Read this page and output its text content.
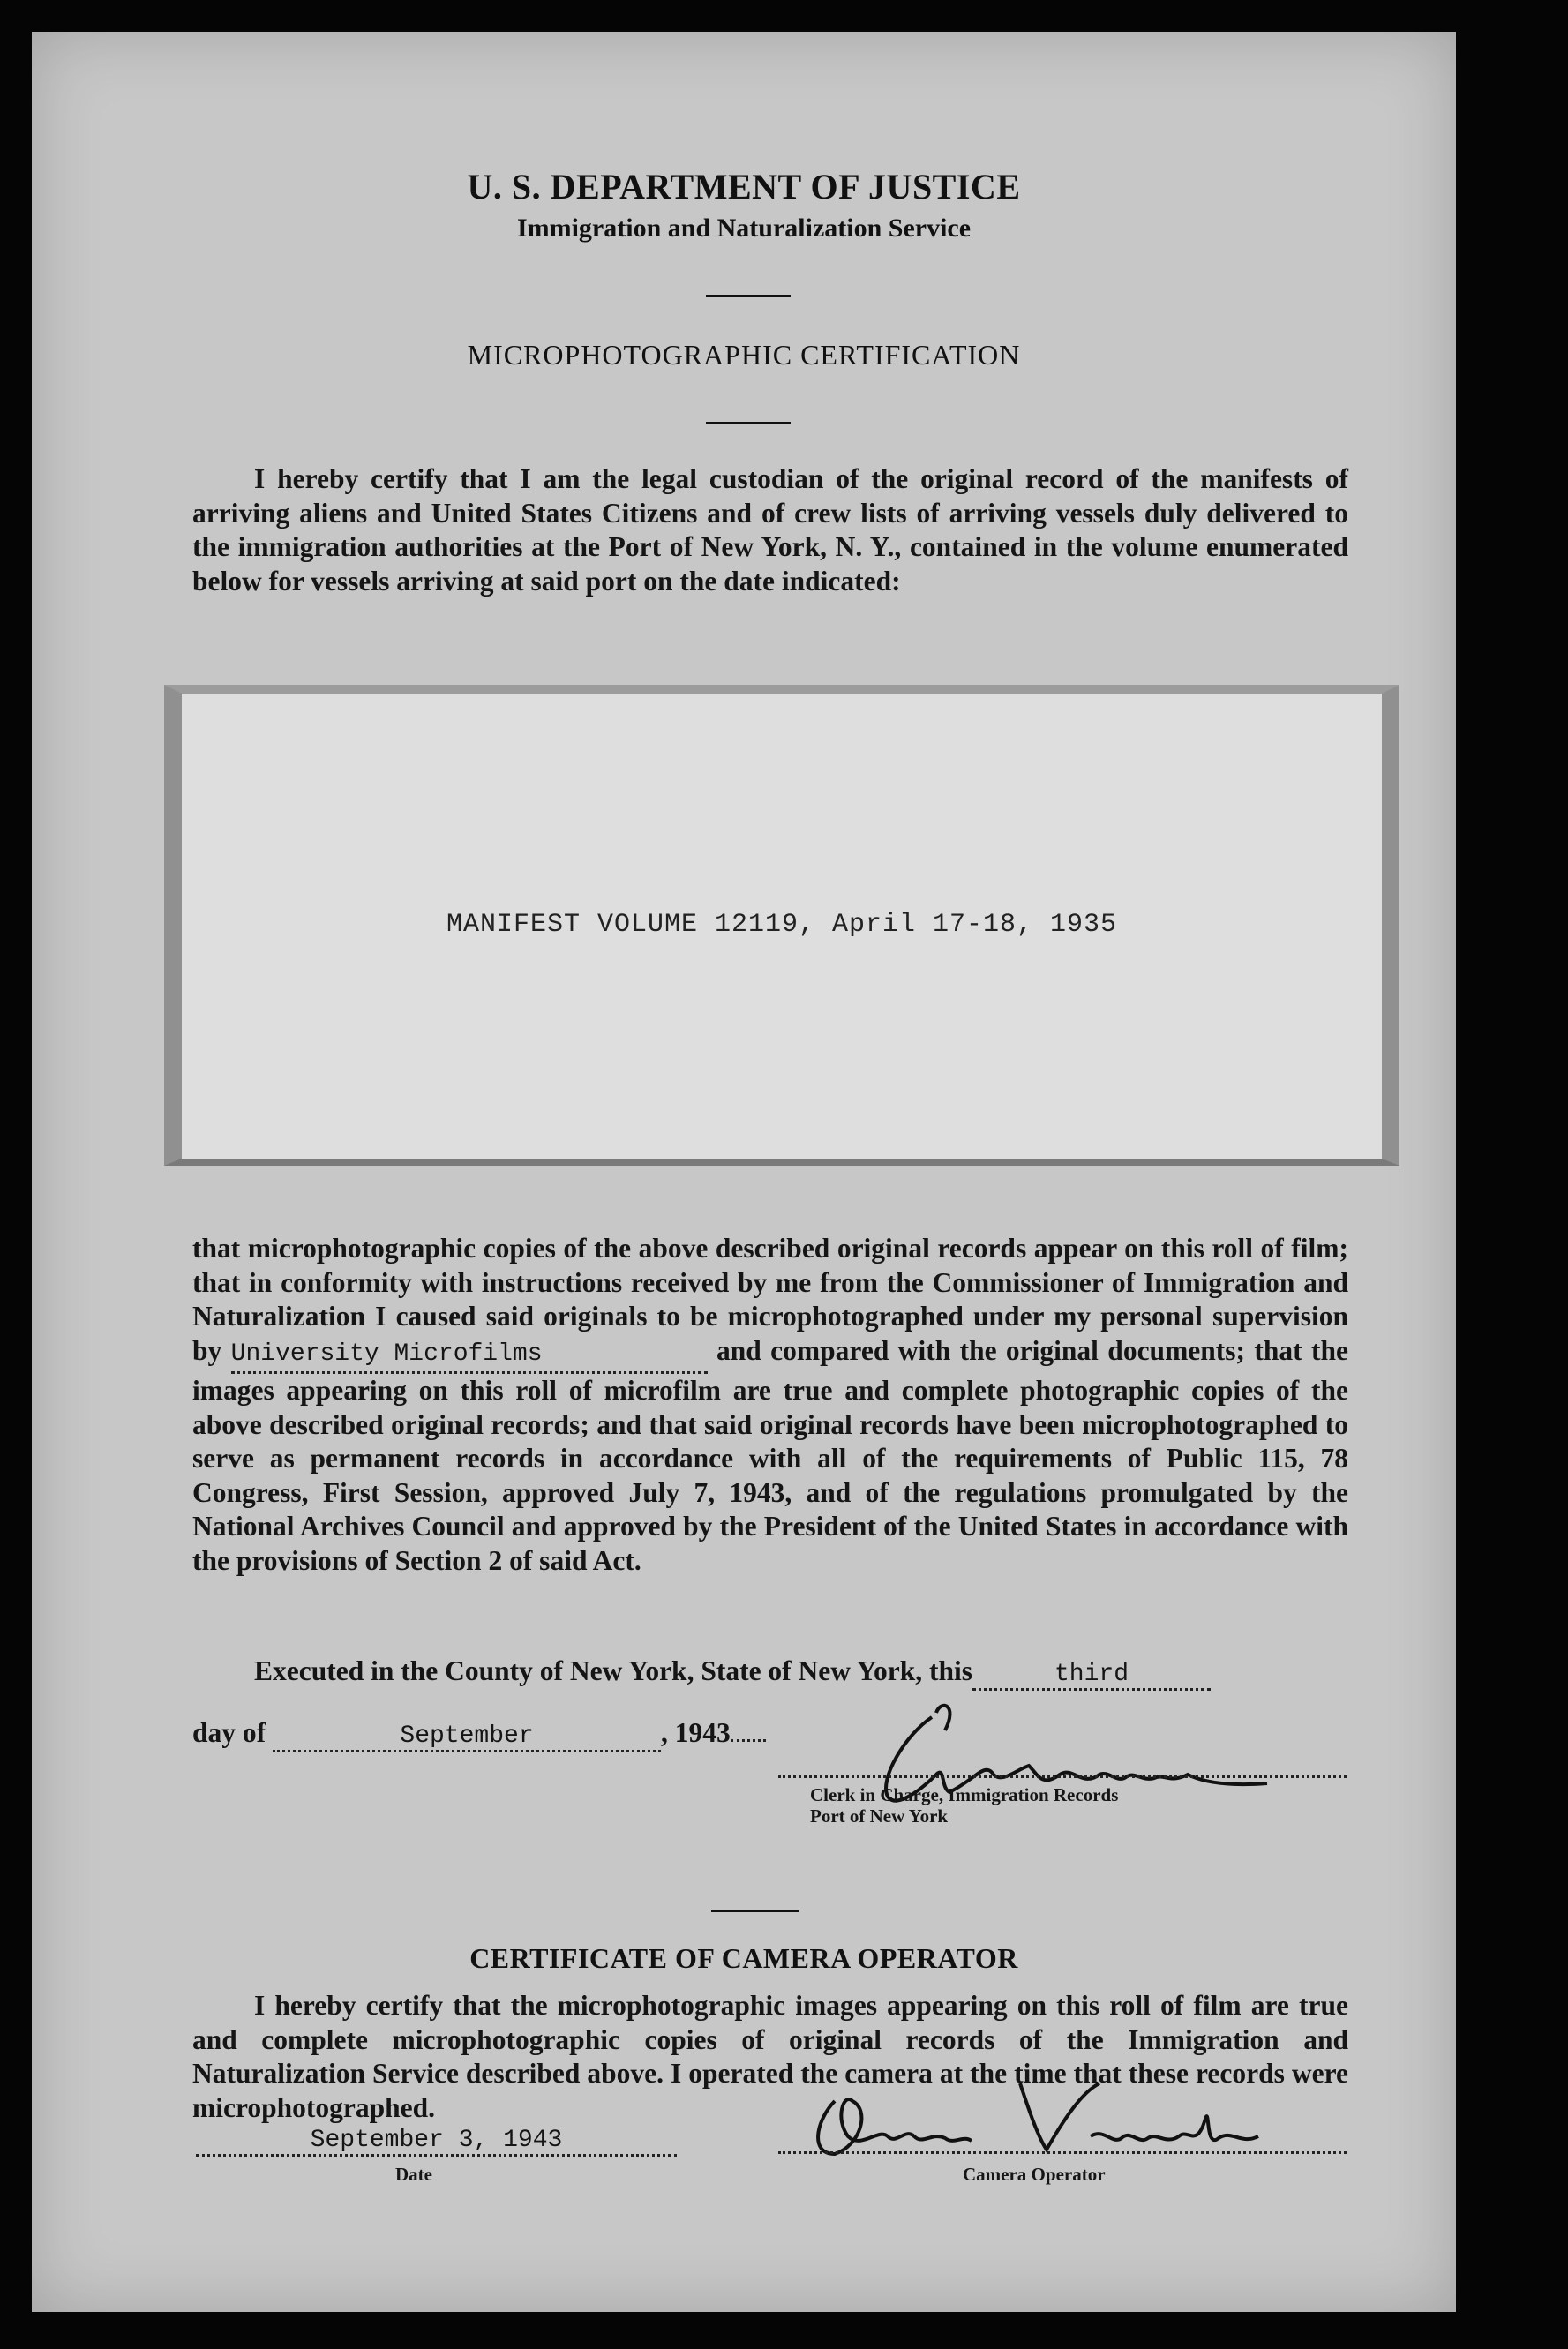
U. S. DEPARTMENT OF JUSTICE
Immigration and Naturalization Service
MICROPHOTOGRAPHIC CERTIFICATION
I hereby certify that I am the legal custodian of the original record of the manifests of arriving aliens and United States Citizens and of crew lists of arriving vessels duly delivered to the immigration authorities at the Port of New York, N. Y., contained in the volume enumerated below for vessels arriving at said port on the date indicated:
MANIFEST VOLUME 12119, April 17-18, 1935
that microphotographic copies of the above described original records appear on this roll of film; that in conformity with instructions received by me from the Commissioner of Immigration and Naturalization I caused said originals to be microphotographed under my personal supervision by University Microfilms	and compared with the original documents; that the images appearing on this roll of microfilm are true and complete photographic copies of the above described original records; and that said original records have been microphotographed to serve as permanent records in accordance with all of the requirements of Public 115, 78 Congress, First Session, approved July 7, 1943, and of the regulations promulgated by the National Archives Council and approved by the President of the United States in accordance with the provisions of Section 2 of said Act.
Executed in the County of New York, State of New York, this	third
day of	September	, 1943
Clerk in Charge, Immigration Records
Port of New York
CERTIFICATE OF CAMERA OPERATOR
I hereby certify that the microphotographic images appearing on this roll of film are true and complete microphotographic copies of original records of the Immigration and Naturalization Service described above. I operated the camera at the time that these records were microphotographed.
September 3, 1943
Date	Camera Operator
